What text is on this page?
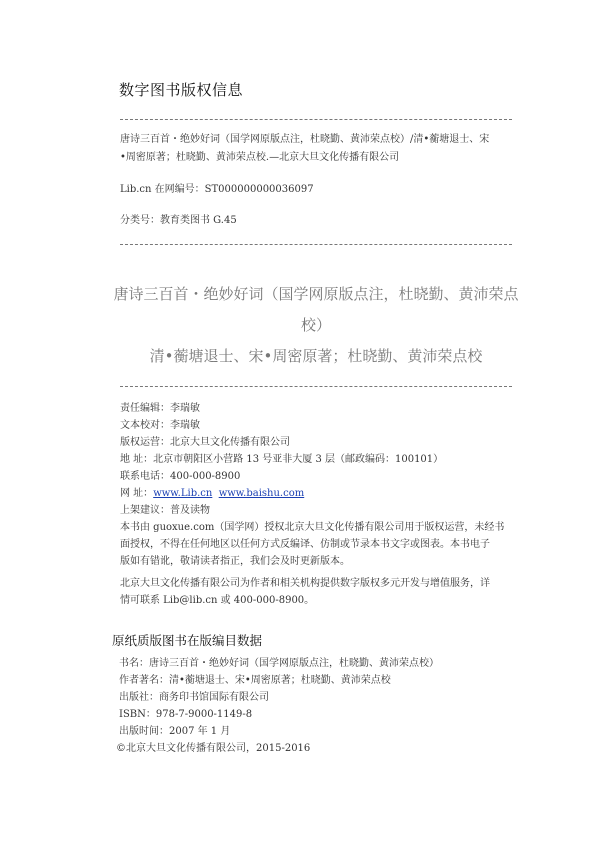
数字图书版权信息
唐诗三百首・绝妙好词（国学网原版点注，杜晓勤、黄沛荣点校）/清•蘅塘退士、宋
•周密原著；杜晓勤、黄沛荣点校.—北京大旦文化传播有限公司
Lib.cn 在网编号：ST000000000036097
分类号：教育类图书 G.45
唐诗三百首・绝妙好词（国学网原版点注，杜晓勤、黄沛荣点
校）
清•蘅塘退士、宋•周密原著；杜晓勤、黄沛荣点校
责任编辑：李瑞敏
文本校对：李瑞敏
版权运营：北京大旦文化传播有限公司
地 址：北京市朝阳区小营路 13 号亚非大厦 3 层（邮政编码：100101）
联系电话：400-000-8900
网 址：www.Lib.cn www.baishu.com
上架建议：普及读物
本书由 guoxue.com（国学网）授权北京大旦文化传播有限公司用于版权运营，未经书
面授权，不得在任何地区以任何方式反编译、仿制或节录本书文字或图表。本书电子
版如有错讹，敬请读者指正，我们会及时更新版本。
北京大旦文化传播有限公司为作者和相关机构提供数字版权多元开发与增值服务，详
情可联系 Lib@lib.cn 或 400-000-8900。
原纸质版图书在版编目数据
书名：唐诗三百首・绝妙好词（国学网原版点注，杜晓勤、黄沛荣点校）
作者著名：清•蘅塘退士、宋•周密原著；杜晓勤、黄沛荣点校
出版社：商务印书馆国际有限公司
ISBN：978-7-9000-1149-8
出版时间：2007 年 1 月
©北京大旦文化传播有限公司，2015-2016
